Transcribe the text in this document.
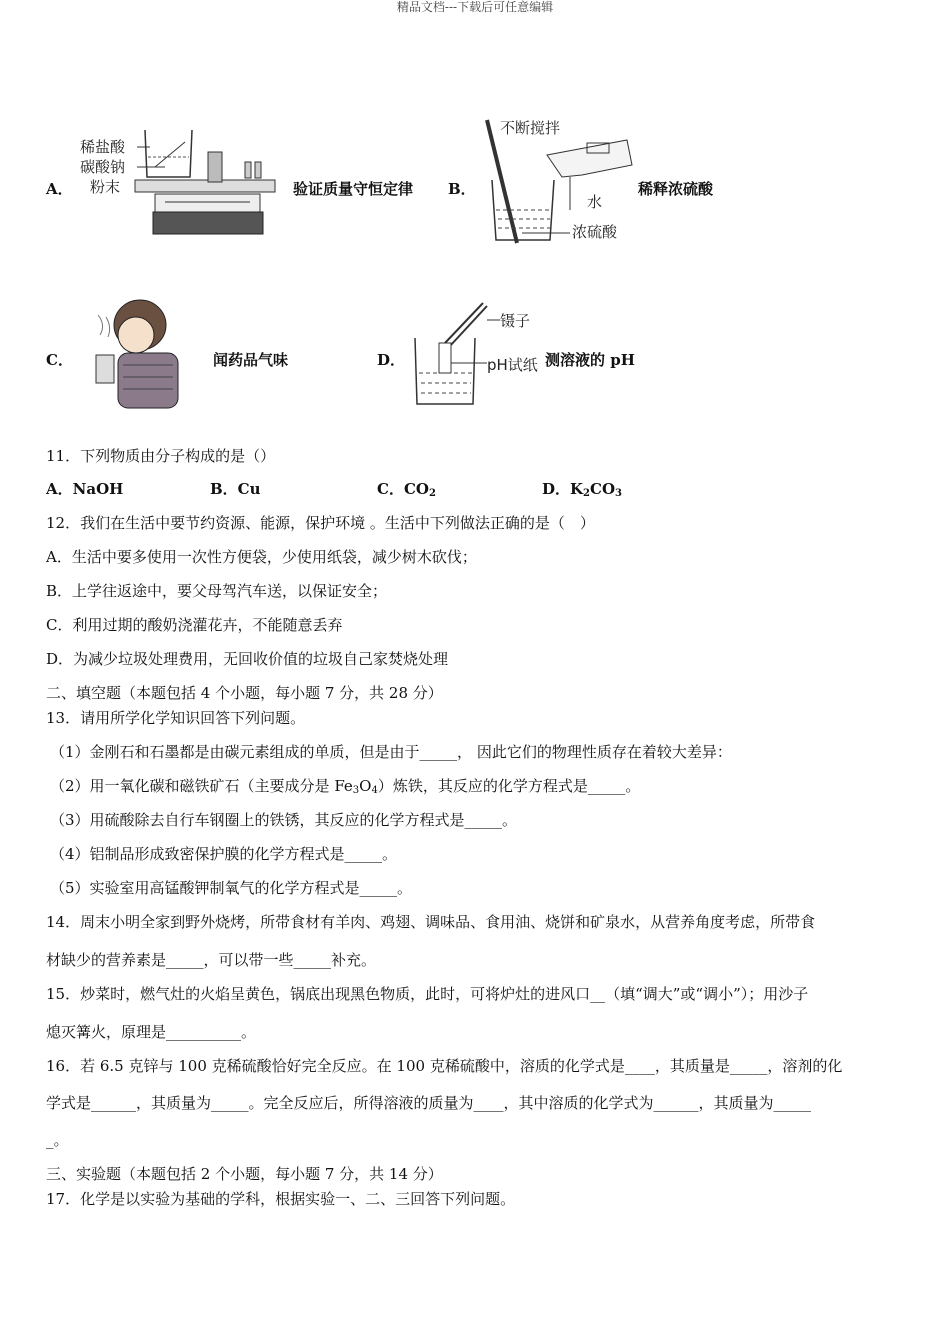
精品文档---下载后可任意编辑
A．
稀盐酸
碳酸钠
粉末	验证质量守恒定律 B．
不断搅拌
水
浓硫酸
稀释浓硫酸
C．	闻药品气味	D．
镊子
pH试纸 测溶液的 pH
11．下列物质由分子构成的是（）
A．NaOH	B．Cu	C．$CO_2$	D．$K_2CO_3$
12．我们在生活中要节约资源、能源，保护环境 。生活中下列做法正确的是（　）
A．生活中要多使用一次性方便袋，少使用纸袋，减少树木砍伐；
B．上学往返途中，要父母驾汽车送，以保证安全；
C．利用过期的酸奶浇灌花卉，不能随意丢弃
D．为减少垃圾处理费用，无回收价值的垃圾自己家焚烧处理
二、填空题（本题包括 4 个小题，每小题 7 分，共 28 分）
13．请用所学化学知识回答下列问题。
（1）金刚石和石墨都是由碳元素组成的单质，但是由于_____， 因此它们的物理性质存在着较大差异：
（2）用一氧化碳和磁铁矿石（主要成分是 $Fe_3O_4$）炼铁，其反应的化学方程式是_____。
（3）用硫酸除去自行车钢圈上的铁锈，其反应的化学方程式是_____。
（4）铝制品形成致密保护膜的化学方程式是_____。
（5）实验室用高锰酸钾制氧气的化学方程式是_____。
14．周末小明全家到野外烧烤，所带食材有羊肉、鸡翅、调味品、食用油、烧饼和矿泉水，从营养角度考虑，所带食
材缺少的营养素是_____，可以带一些_____补充。
15．炒菜时，燃气灶的火焰呈黄色，锅底出现黑色物质，此时，可将炉灶的进风口__（填“调大”或“调小”）；用沙子
熄灭篝火，原理是__________。
16．若 6.5 克锌与 100 克稀硫酸恰好完全反应。在 100 克稀硫酸中，溶质的化学式是____，其质量是_____，溶剂的化
学式是______，其质量为_____。完全反应后，所得溶液的质量为____，其中溶质的化学式为______，其质量为_____
_。
三、实验题（本题包括 2 个小题，每小题 7 分，共 14 分）
17．化学是以实验为基础的学科，根据实验一、二、三回答下列问题。
